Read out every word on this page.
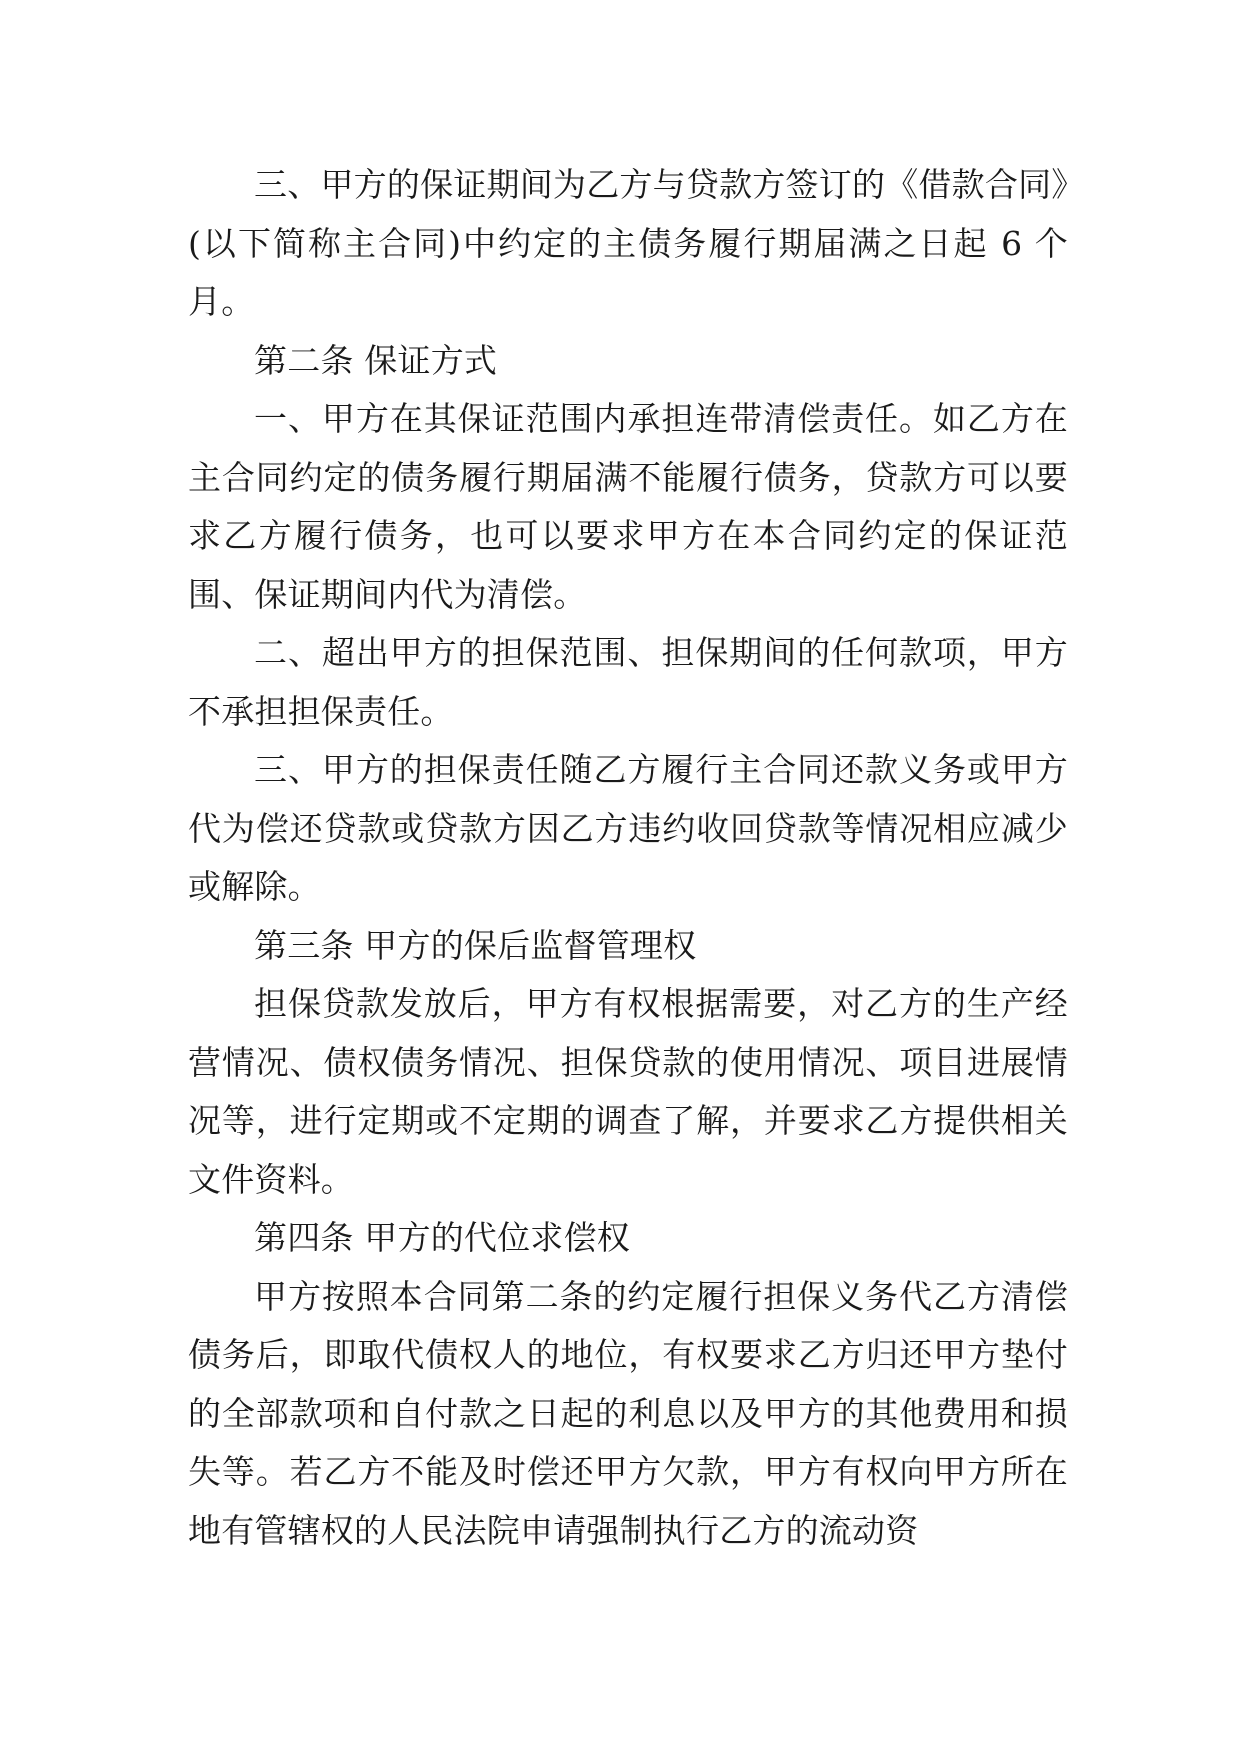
三、甲方的保证期间为乙方与贷款方签订的《借款合同》(以下简称主合同)中约定的主债务履行期届满之日起 6 个月。

第二条 保证方式

一、甲方在其保证范围内承担连带清偿责任。如乙方在主合同约定的债务履行期届满不能履行债务，贷款方可以要求乙方履行债务，也可以要求甲方在本合同约定的保证范围、保证期间内代为清偿。

二、超出甲方的担保范围、担保期间的任何款项，甲方不承担担保责任。

三、甲方的担保责任随乙方履行主合同还款义务或甲方代为偿还贷款或贷款方因乙方违约收回贷款等情况相应减少或解除。

第三条 甲方的保后监督管理权

担保贷款发放后，甲方有权根据需要，对乙方的生产经营情况、债权债务情况、担保贷款的使用情况、项目进展情况等，进行定期或不定期的调查了解，并要求乙方提供相关文件资料。

第四条 甲方的代位求偿权

甲方按照本合同第二条的约定履行担保义务代乙方清偿债务后，即取代债权人的地位，有权要求乙方归还甲方垫付的全部款项和自付款之日起的利息以及甲方的其他费用和损失等。若乙方不能及时偿还甲方欠款，甲方有权向甲方所在地有管辖权的人民法院申请强制执行乙方的流动资
